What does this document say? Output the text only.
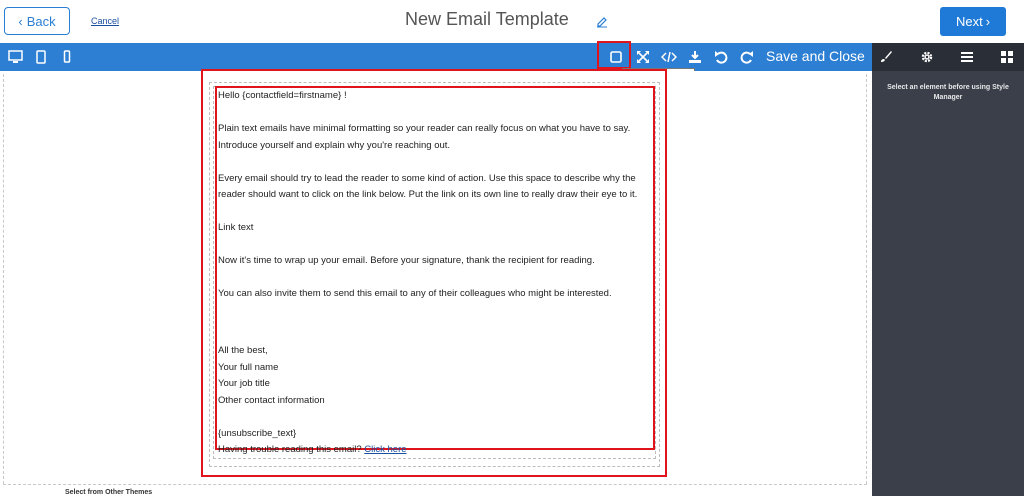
‹ Back	Cancel	New Email Template	Next ›
Save and Close
Select an element before using Style Manager

Hello {contactfield=firstname} !

Plain text emails have minimal formatting so your reader can really focus on what you have to say.

Introduce yourself and explain why you're reaching out.

Every email should try to lead the reader to some kind of action. Use this space to describe why the

reader should want to click on the link below. Put the link on its own line to really draw their eye to it.

Link text

Now it's time to wrap up your email. Before your signature, thank the recipient for reading.

You can also invite them to send this email to any of their colleagues who might be interested.

All the best,

Your full name

Your job title

Other contact information

{unsubscribe_text}

Having trouble reading this email? Click here

Select from Other Themes
